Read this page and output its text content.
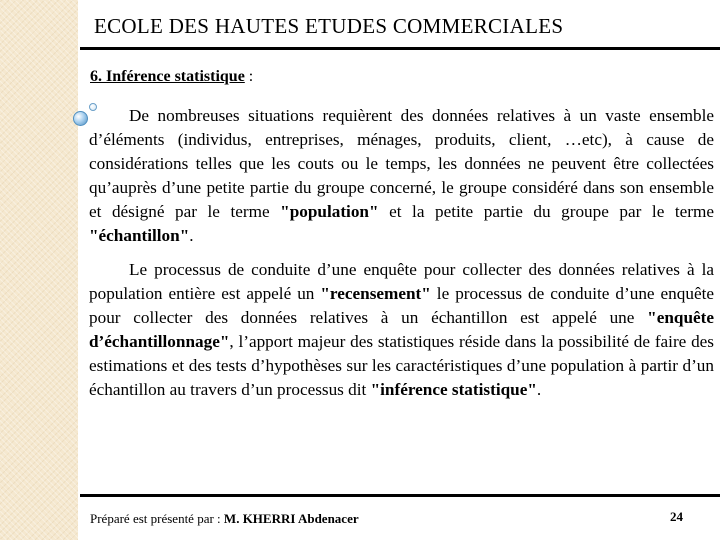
ECOLE DES HAUTES ETUDES COMMERCIALES
6. Inférence statistique :
De nombreuses situations requièrent des données relatives à un vaste ensemble d’éléments (individus, entreprises, ménages, produits, client, …etc), à cause de considérations telles que les couts ou le temps, les données ne peuvent être collectées qu’auprès d’une petite partie du groupe concerné, le groupe considéré dans son ensemble et désigné par le terme "population" et la petite partie du groupe par le terme "échantillon".
Le processus de conduite d’une enquête pour collecter des données relatives à la population entière est appelé un "recensement" le processus de conduite d’une enquête pour collecter des données relatives à un échantillon est appelé une "enquête d’échantillonnage", l’apport majeur des statistiques réside dans la possibilité de faire des estimations et des tests d’hypothèses sur les caractéristiques d’une population à partir d’un échantillon au travers d’un processus dit "inférence statistique".
Préparé est présenté par : M. KHERRI Abdenacer	24
